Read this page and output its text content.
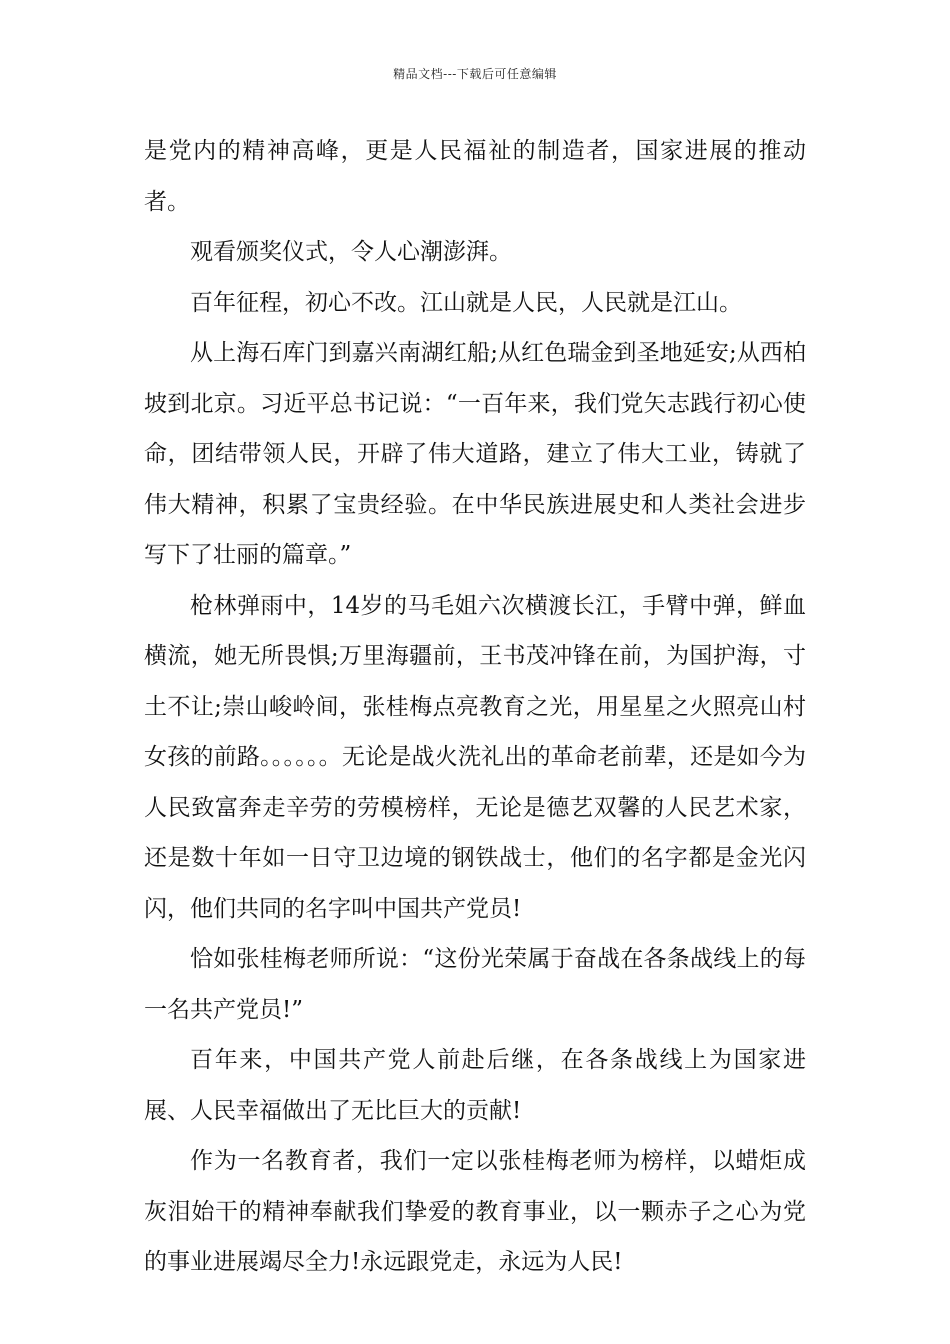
精品文档---下载后可任意编辑

是党内的精神高峰，更是人民福祉的制造者，国家进展的推动者。

观看颁奖仪式，令人心潮澎湃。

百年征程，初心不改。江山就是人民，人民就是江山。

从上海石库门到嘉兴南湖红船;从红色瑞金到圣地延安;从西柏坡到北京。习近平总书记说：“一百年来，我们党矢志践行初心使命，团结带领人民，开辟了伟大道路，建立了伟大工业，铸就了伟大精神，积累了宝贵经验。在中华民族进展史和人类社会进步写下了壮丽的篇章。”

枪林弹雨中，14岁的马毛姐六次横渡长江，手臂中弹，鲜血横流，她无所畏惧;万里海疆前，王书茂冲锋在前，为国护海，寸土不让;崇山峻岭间，张桂梅点亮教育之光，用星星之火照亮山村女孩的前路。。。。。。无论是战火洗礼出的革命老前辈，还是如今为人民致富奔走辛劳的劳模榜样，无论是德艺双馨的人民艺术家，还是数十年如一日守卫边境的钢铁战士，他们的名字都是金光闪闪，他们共同的名字叫中国共产党员!

恰如张桂梅老师所说：“这份光荣属于奋战在各条战线上的每一名共产党员!”

百年来，中国共产党人前赴后继，在各条战线上为国家进展、人民幸福做出了无比巨大的贡献!

作为一名教育者，我们一定以张桂梅老师为榜样，以蜡炬成灰泪始干的精神奉献我们挚爱的教育事业，以一颗赤子之心为党的事业进展竭尽全力!永远跟党走，永远为人民!
